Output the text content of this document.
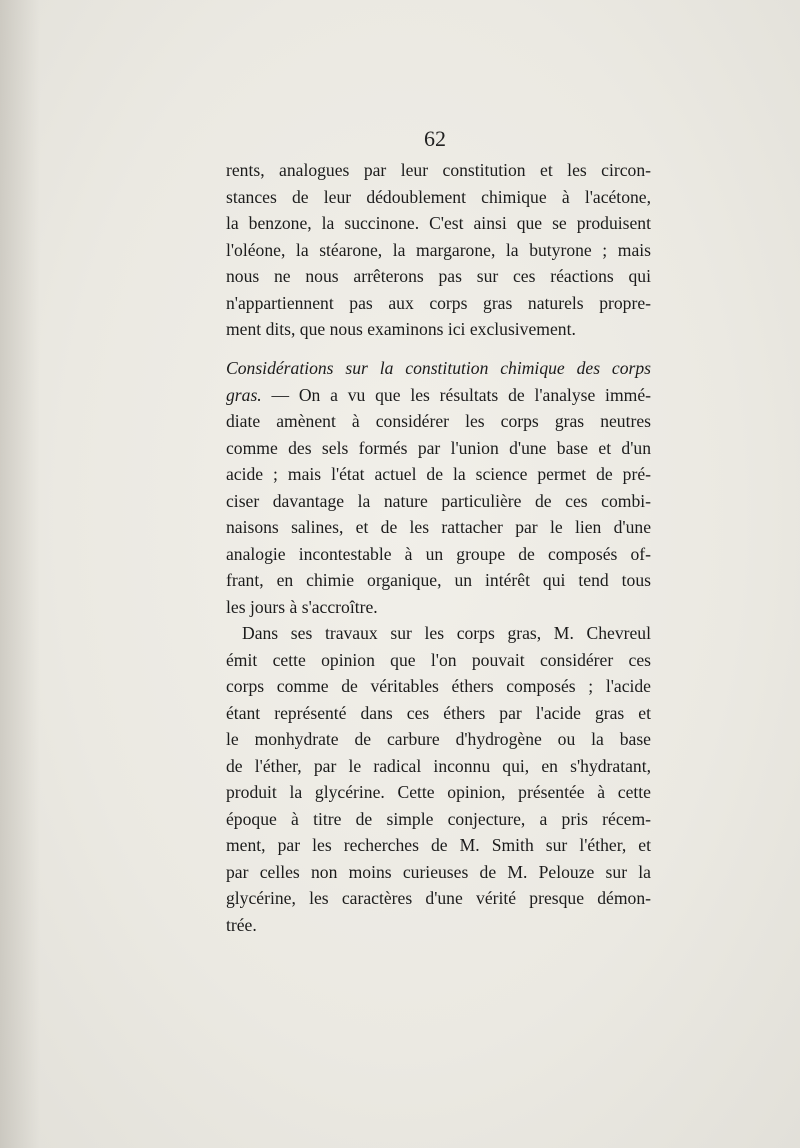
62
rents, analogues par leur constitution et les circon-
stances de leur dédoublement chimique à l'acétone,
la benzone, la succinone. C'est ainsi que se produisent
l'oléone, la stéarone, la margarone, la butyrone ; mais
nous ne nous arrêterons pas sur ces réactions qui
n'appartiennent pas aux corps gras naturels propre-
ment dits, que nous examinons ici exclusivement.
Considérations sur la constitution chimique des corps
gras. — On a vu que les résultats de l'analyse immé-
diate amènent à considérer les corps gras neutres
comme des sels formés par l'union d'une base et d'un
acide ; mais l'état actuel de la science permet de pré-
ciser davantage la nature particulière de ces combi-
naisons salines, et de les rattacher par le lien d'une
analogie incontestable à un groupe de composés of-
frant, en chimie organique, un intérêt qui tend tous
les jours à s'accroître.
Dans ses travaux sur les corps gras, M. Chevreul
émit cette opinion que l'on pouvait considérer ces
corps comme de véritables éthers composés ; l'acide
étant représenté dans ces éthers par l'acide gras et
le monhydrate de carbure d'hydrogène ou la base
de l'éther, par le radical inconnu qui, en s'hydratant,
produit la glycérine. Cette opinion, présentée à cette
époque à titre de simple conjecture, a pris récem-
ment, par les recherches de M. Smith sur l'éther, et
par celles non moins curieuses de M. Pelouze sur la
glycérine, les caractères d'une vérité presque démon-
trée.
